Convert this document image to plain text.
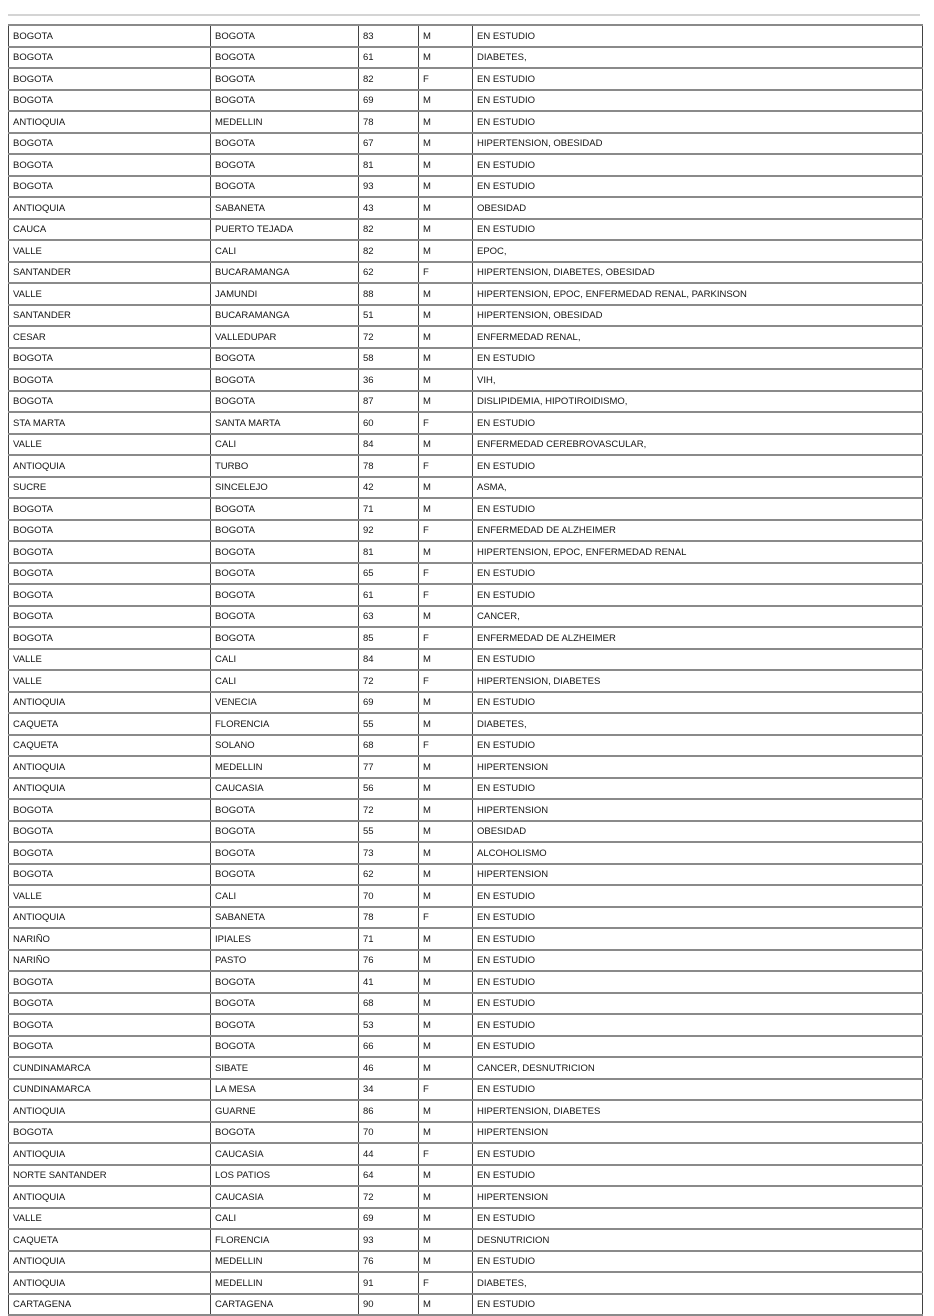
BOGOTA	BOGOTA	83	M	EN ESTUDIO
BOGOTA	BOGOTA	61	M	DIABETES,
BOGOTA	BOGOTA	82	F	EN ESTUDIO
BOGOTA	BOGOTA	69	M	EN ESTUDIO
ANTIOQUIA	MEDELLIN	78	M	EN ESTUDIO
BOGOTA	BOGOTA	67	M	HIPERTENSION, OBESIDAD
BOGOTA	BOGOTA	81	M	EN ESTUDIO
BOGOTA	BOGOTA	93	M	EN ESTUDIO
ANTIOQUIA	SABANETA	43	M	OBESIDAD
CAUCA	PUERTO TEJADA	82	M	EN ESTUDIO
VALLE	CALI	82	M	EPOC,
SANTANDER	BUCARAMANGA	62	F	HIPERTENSION, DIABETES, OBESIDAD
VALLE	JAMUNDI	88	M	HIPERTENSION, EPOC, ENFERMEDAD RENAL, PARKINSON
SANTANDER	BUCARAMANGA	51	M	HIPERTENSION, OBESIDAD
CESAR	VALLEDUPAR	72	M	ENFERMEDAD RENAL,
BOGOTA	BOGOTA	58	M	EN ESTUDIO
BOGOTA	BOGOTA	36	M	VIH,
BOGOTA	BOGOTA	87	M	DISLIPIDEMIA, HIPOTIROIDISMO,
STA MARTA	SANTA MARTA	60	F	EN ESTUDIO
VALLE	CALI	84	M	ENFERMEDAD CEREBROVASCULAR,
ANTIOQUIA	TURBO	78	F	EN ESTUDIO
SUCRE	SINCELEJO	42	M	ASMA,
BOGOTA	BOGOTA	71	M	EN ESTUDIO
BOGOTA	BOGOTA	92	F	ENFERMEDAD DE ALZHEIMER
BOGOTA	BOGOTA	81	M	HIPERTENSION, EPOC, ENFERMEDAD RENAL
BOGOTA	BOGOTA	65	F	EN ESTUDIO
BOGOTA	BOGOTA	61	F	EN ESTUDIO
BOGOTA	BOGOTA	63	M	CANCER,
BOGOTA	BOGOTA	85	F	ENFERMEDAD DE ALZHEIMER
VALLE	CALI	84	M	EN ESTUDIO
VALLE	CALI	72	F	HIPERTENSION, DIABETES
ANTIOQUIA	VENECIA	69	M	EN ESTUDIO
CAQUETA	FLORENCIA	55	M	DIABETES,
CAQUETA	SOLANO	68	F	EN ESTUDIO
ANTIOQUIA	MEDELLIN	77	M	HIPERTENSION
ANTIOQUIA	CAUCASIA	56	M	EN ESTUDIO
BOGOTA	BOGOTA	72	M	HIPERTENSION
BOGOTA	BOGOTA	55	M	OBESIDAD
BOGOTA	BOGOTA	73	M	ALCOHOLISMO
BOGOTA	BOGOTA	62	M	HIPERTENSION
VALLE	CALI	70	M	EN ESTUDIO
ANTIOQUIA	SABANETA	78	F	EN ESTUDIO
NARIÑO	IPIALES	71	M	EN ESTUDIO
NARIÑO	PASTO	76	M	EN ESTUDIO
BOGOTA	BOGOTA	41	M	EN ESTUDIO
BOGOTA	BOGOTA	68	M	EN ESTUDIO
BOGOTA	BOGOTA	53	M	EN ESTUDIO
BOGOTA	BOGOTA	66	M	EN ESTUDIO
CUNDINAMARCA	SIBATE	46	M	CANCER, DESNUTRICION
CUNDINAMARCA	LA MESA	34	F	EN ESTUDIO
ANTIOQUIA	GUARNE	86	M	HIPERTENSION, DIABETES
BOGOTA	BOGOTA	70	M	HIPERTENSION
ANTIOQUIA	CAUCASIA	44	F	EN ESTUDIO
NORTE SANTANDER	LOS PATIOS	64	M	EN ESTUDIO
ANTIOQUIA	CAUCASIA	72	M	HIPERTENSION
VALLE	CALI	69	M	EN ESTUDIO
CAQUETA	FLORENCIA	93	M	DESNUTRICION
ANTIOQUIA	MEDELLIN	76	M	EN ESTUDIO
ANTIOQUIA	MEDELLIN	91	F	DIABETES,
CARTAGENA	CARTAGENA	90	M	EN ESTUDIO
